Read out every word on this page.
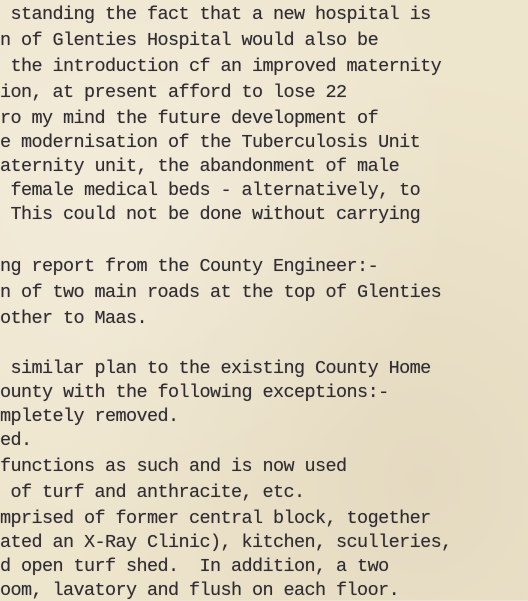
standing the fact that a new hospital is
n of Glenties Hospital would also be
the introduction cf an improved maternity
ion, at present afford to lose 22
ro my mind the future development of
e modernisation of the Tuberculosis Unit
aternity unit, the abandonment of male
female medical beds - alternatively, to
This could not be done without carrying
ng report from the County Engineer:-
n of two main roads at the top of Glenties
other to Maas.
similar plan to the existing County Home
ounty with the following exceptions:-
mpletely removed.
ed.
functions as such and is now used
of turf and anthracite, etc.
mprised of former central block, together
ated an X-Ray Clinic), kitchen, sculleries,
d open turf shed.  In addition, a two
oom, lavatory and flush on each floor.
